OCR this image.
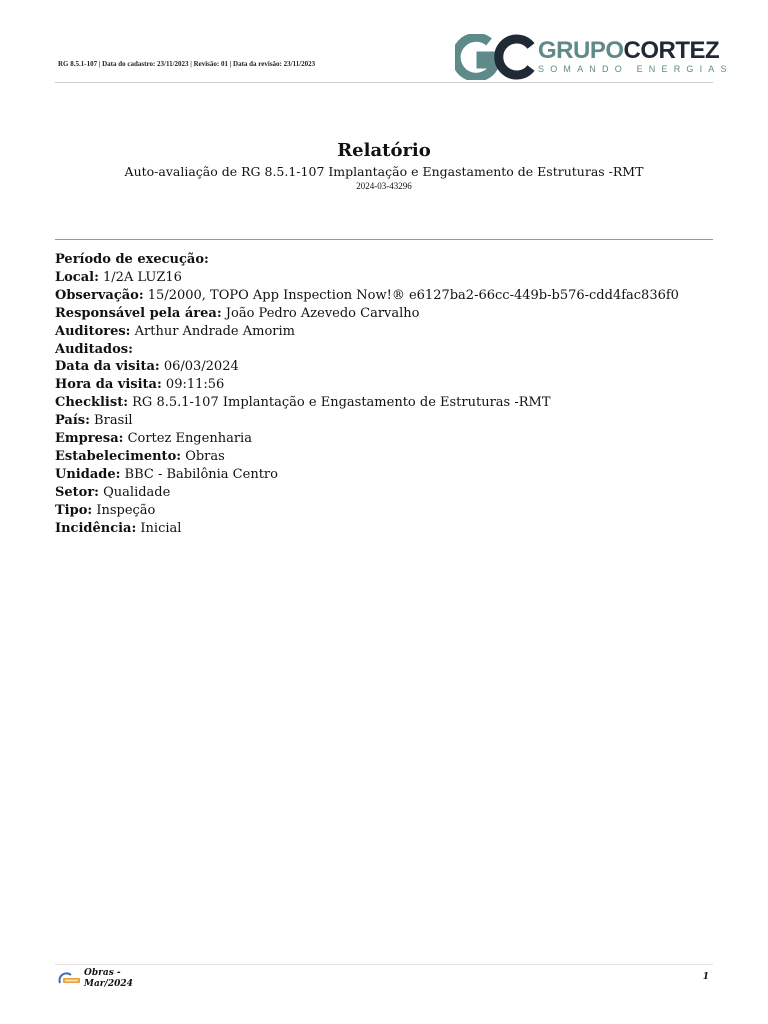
RG 8.5.1-107 | Data do cadastro: 23/11/2023 | Revisão: 01 | Data da revisão: 23/11/2023	GRUPOCORTEZ
SOMANDO ENERGIAS
Relatório
Auto-avaliação de RG 8.5.1-107 Implantação e Engastamento de Estruturas -RMT
2024-03-43296
Período de execução:
Local: 1/2A LUZ16
Observação: 15/2000, TOPO App Inspection Now!® e6127ba2-66cc-449b-b576-cdd4fac836f0
Responsável pela área: João Pedro Azevedo Carvalho
Auditores: Arthur Andrade Amorim
Auditados:
Data da visita: 06/03/2024
Hora da visita: 09:11:56
Checklist: RG 8.5.1-107 Implantação e Engastamento de Estruturas -RMT
País: Brasil
Empresa: Cortez Engenharia
Estabelecimento: Obras
Unidade: BBC - Babilônia Centro
Setor: Qualidade
Tipo: Inspeção
Incidência: Inicial
Obras -
Mar/2024
1
